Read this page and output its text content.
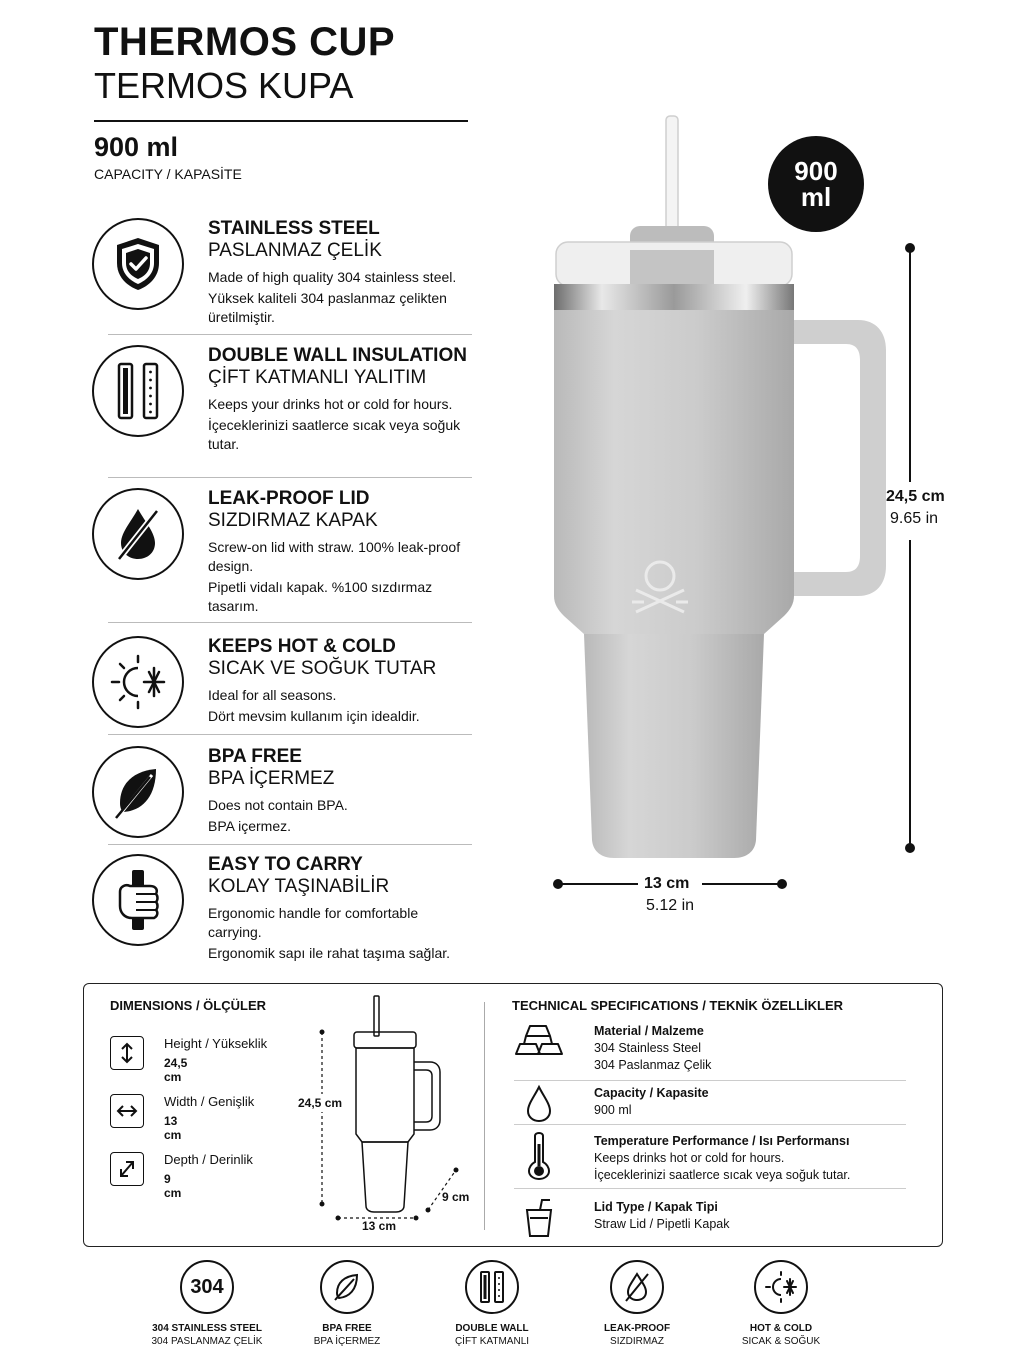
THERMOS CUP
TERMOS KUPA
900 ml
CAPACITY / KAPASİTE
STAINLESS STEEL
PASLANMAZ ÇELİK
Made of high quality 304 stainless steel.
Yüksek kaliteli 304 paslanmaz çelikten üretilmiştir.
DOUBLE WALL INSULATION
ÇİFT KATMANLI YALITIM
Keeps your drinks hot or cold for hours.
İçeceklerinizi saatlerce sıcak veya soğuk tutar.
LEAK-PROOF LID
SIZDIRMAZ KAPAK
Screw-on lid with straw. 100% leak-proof design.
Pipetli vidalı kapak. %100 sızdırmaz tasarım.
KEEPS HOT & COLD
SICAK VE SOĞUK TUTAR
Ideal for all seasons.
Dört mevsim kullanım için idealdir.
BPA FREE
BPA İÇERMEZ
Does not contain BPA.
BPA içermez.
EASY TO CARRY
KOLAY TAŞINABİLİR
Ergonomic handle for comfortable carrying.
Ergonomik sapı ile rahat taşıma sağlar.
900
ml
24,5 cm
9.65 in
13 cm
5.12 in
DIMENSIONS / ÖLÇÜLER
Height / Yükseklik
24,5 cm
Width / Genişlik
13 cm
Depth / Derinlik
9 cm
24,5 cm
13 cm
9 cm
TECHNICAL SPECIFICATIONS / TEKNİK ÖZELLİKLER
Material / Malzeme
304 Stainless Steel
304 Paslanmaz Çelik
Capacity / Kapasite
900 ml
Temperature Performance / Isı Performansı
Keeps drinks hot or cold for hours.
İçeceklerinizi saatlerce sıcak veya soğuk tutar.
Lid Type / Kapak Tipi
Straw Lid / Pipetli Kapak
304
304 STAINLESS STEEL
304 PASLANMAZ ÇELİK
BPA FREE
BPA İÇERMEZ
DOUBLE WALL
ÇİFT KATMANLI
LEAK-PROOF
SIZDIRMAZ
HOT & COLD
SICAK & SOĞUK
